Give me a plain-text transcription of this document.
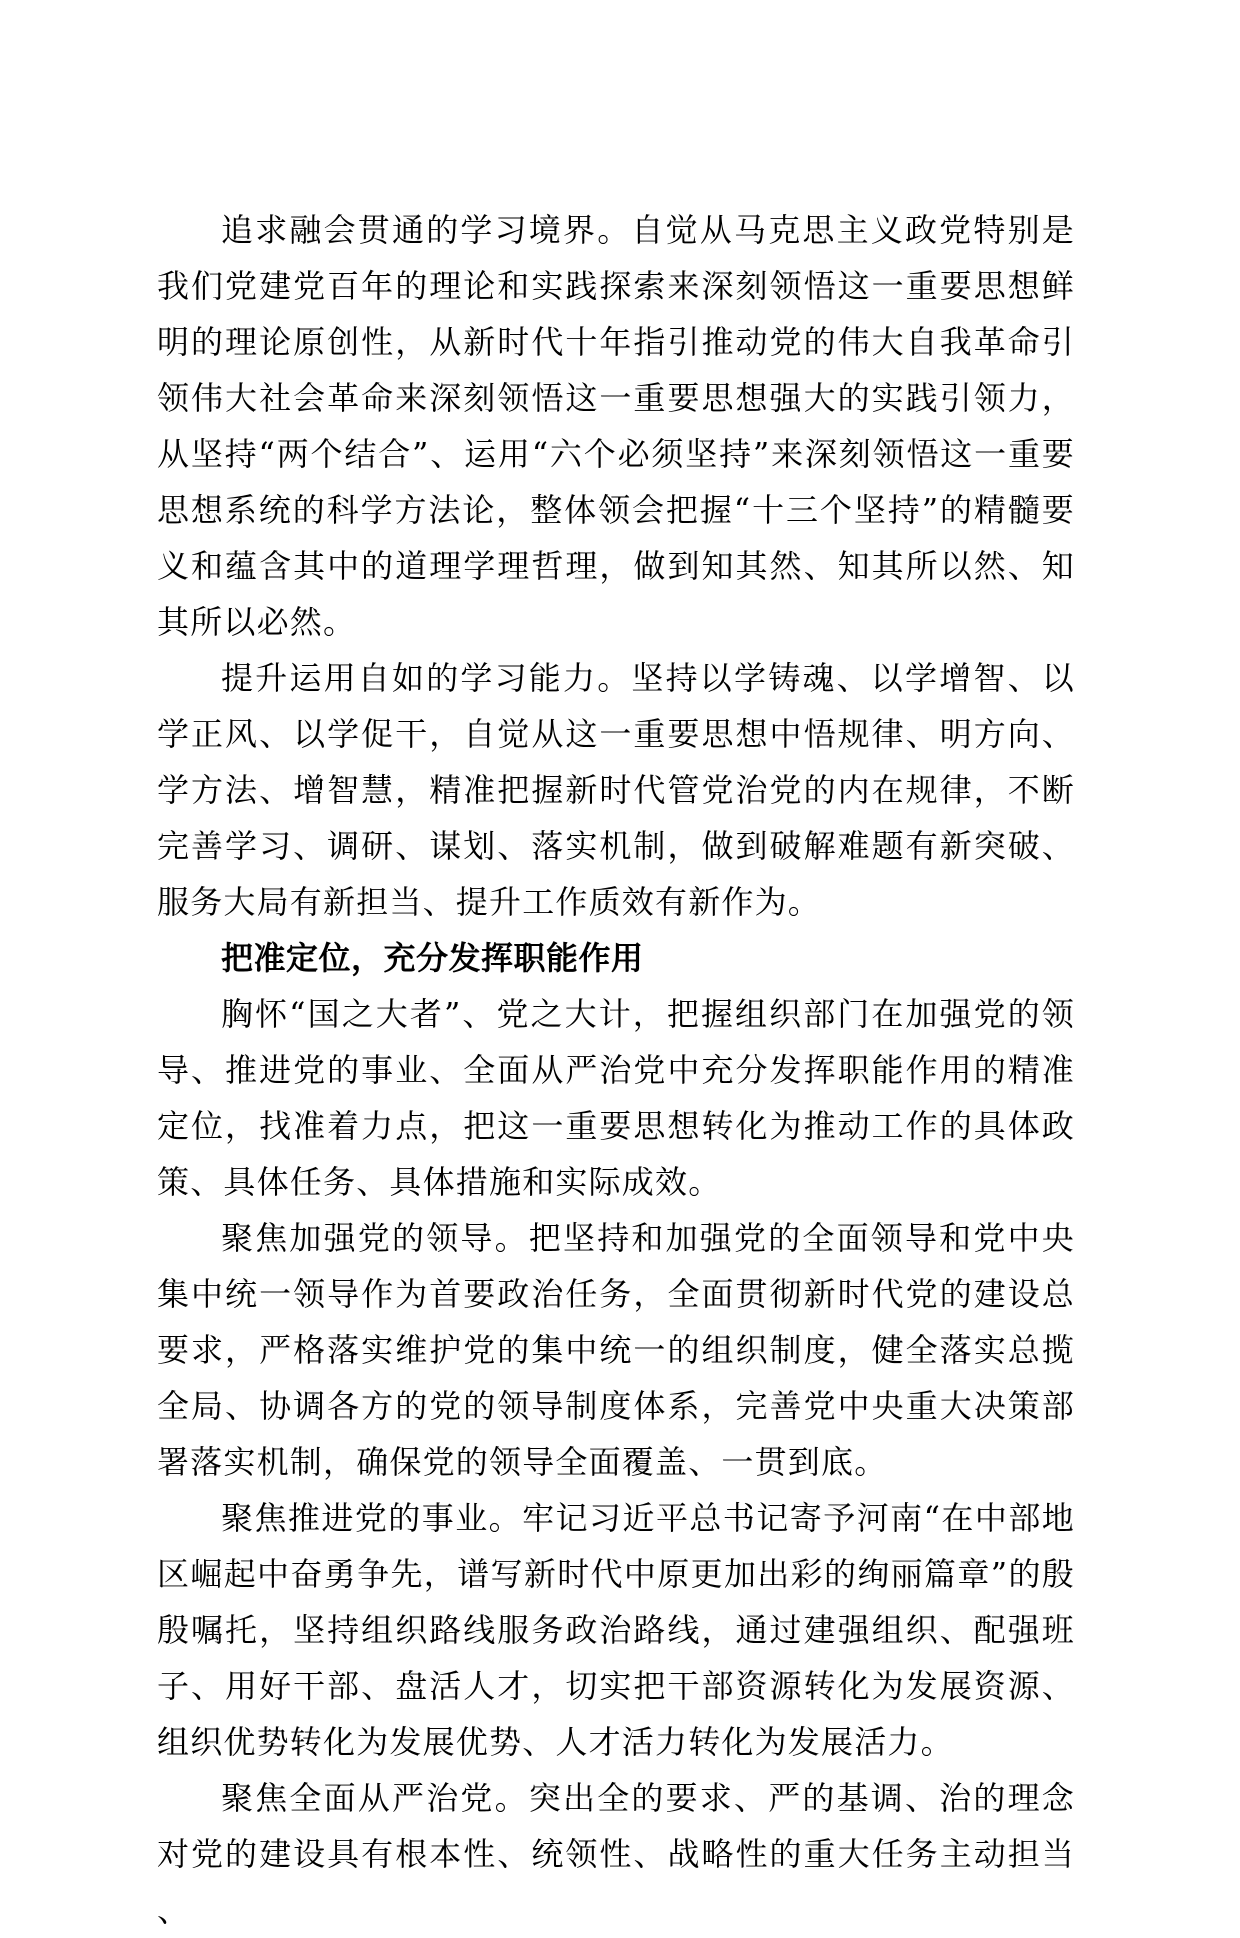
追求融会贯通的学习境界。自觉从马克思主义政党特别是我们党建党百年的理论和实践探索来深刻领悟这一重要思想鲜明的理论原创性，从新时代十年指引推动党的伟大自我革命引领伟大社会革命来深刻领悟这一重要思想强大的实践引领力，从坚持“两个结合”、运用“六个必须坚持”来深刻领悟这一重要思想系统的科学方法论，整体领会把握“十三个坚持”的精髓要义和蕴含其中的道理学理哲理，做到知其然、知其所以然、知其所以必然。

提升运用自如的学习能力。坚持以学铸魂、以学增智、以学正风、以学促干，自觉从这一重要思想中悟规律、明方向、学方法、增智慧，精准把握新时代管党治党的内在规律，不断完善学习、调研、谋划、落实机制，做到破解难题有新突破、服务大局有新担当、提升工作质效有新作为。

把准定位，充分发挥职能作用

胸怀“国之大者”、党之大计，把握组织部门在加强党的领导、推进党的事业、全面从严治党中充分发挥职能作用的精准定位，找准着力点，把这一重要思想转化为推动工作的具体政策、具体任务、具体措施和实际成效。

聚焦加强党的领导。把坚持和加强党的全面领导和党中央集中统一领导作为首要政治任务，全面贯彻新时代党的建设总要求，严格落实维护党的集中统一的组织制度，健全落实总揽全局、协调各方的党的领导制度体系，完善党中央重大决策部署落实机制，确保党的领导全面覆盖、一贯到底。

聚焦推进党的事业。牢记习近平总书记寄予河南“在中部地区崛起中奋勇争先，谱写新时代中原更加出彩的绚丽篇章”的殷殷嘱托，坚持组织路线服务政治路线，通过建强组织、配强班子、用好干部、盘活人才，切实把干部资源转化为发展资源、组织优势转化为发展优势、人才活力转化为发展活力。

聚焦全面从严治党。突出全的要求、严的基调、治的理念对党的建设具有根本性、统领性、战略性的重大任务主动担当、
